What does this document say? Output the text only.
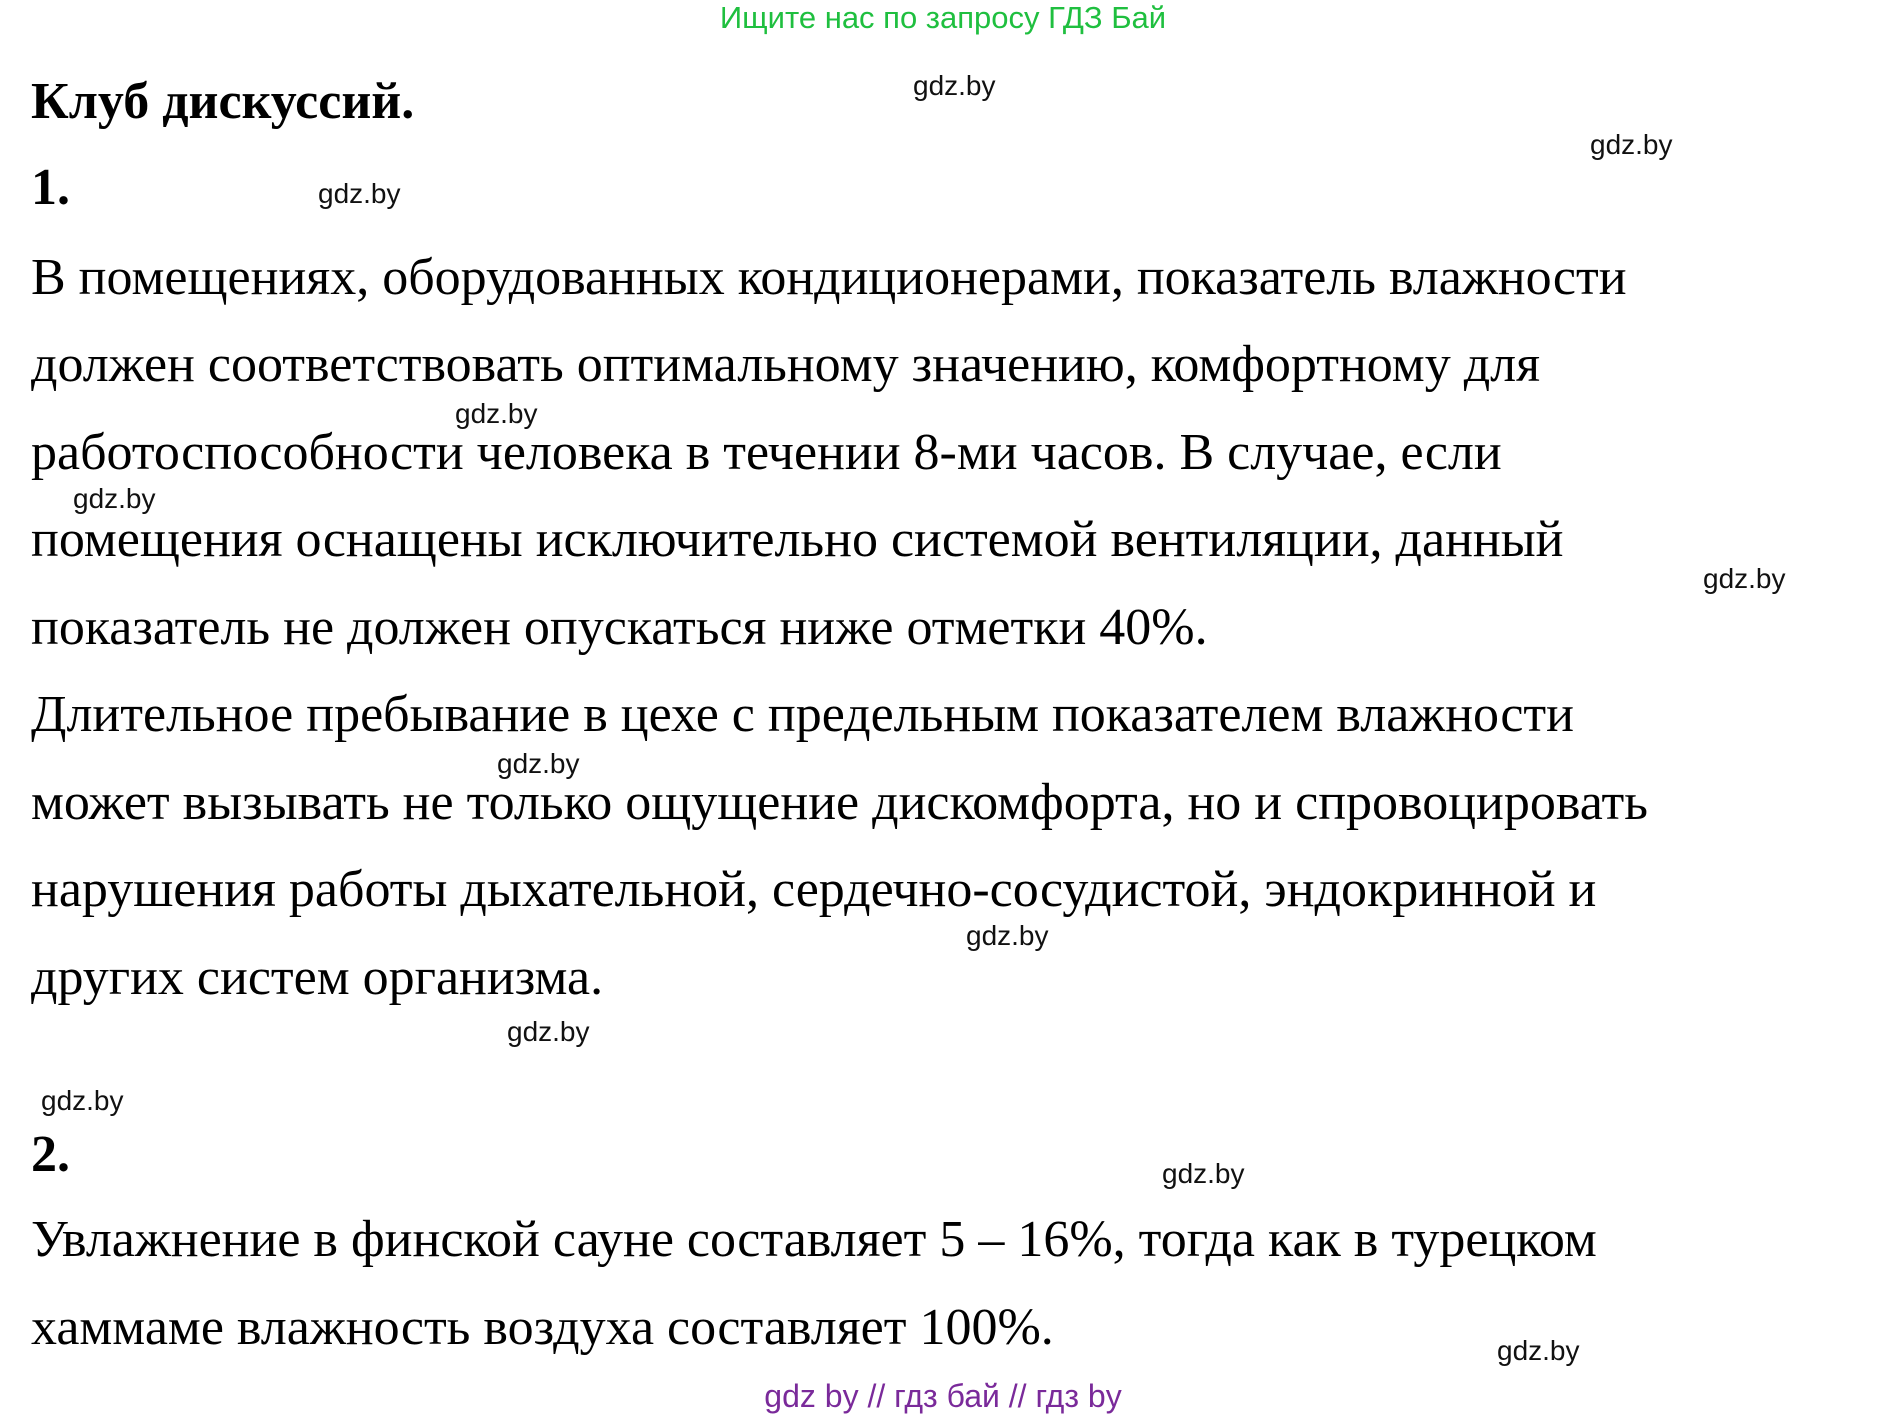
Ищите нас по запросу ГДЗ Бай
Клуб дискуссий.
1.
В помещениях, оборудованных кондиционерами, показатель влажности
должен соответствовать оптимальному значению, комфортному для
работоспособности человека в течении 8-ми часов. В случае, если
помещения оснащены исключительно системой вентиляции, данный
показатель не должен опускаться ниже отметки 40%.
Длительное пребывание в цехе с предельным показателем влажности
может вызывать не только ощущение дискомфорта, но и спровоцировать
нарушения работы дыхательной, сердечно-сосудистой, эндокринной и
других систем организма.
2.
Увлажнение в финской сауне составляет 5 – 16%, тогда как в турецком
хаммаме влажность воздуха составляет 100%.
gdz.by
gdz.by
gdz.by
gdz.by
gdz.by
gdz.by
gdz.by
gdz.by
gdz.by
gdz.by
gdz.by
gdz.by
gdz by // гдз бай // гдз by
